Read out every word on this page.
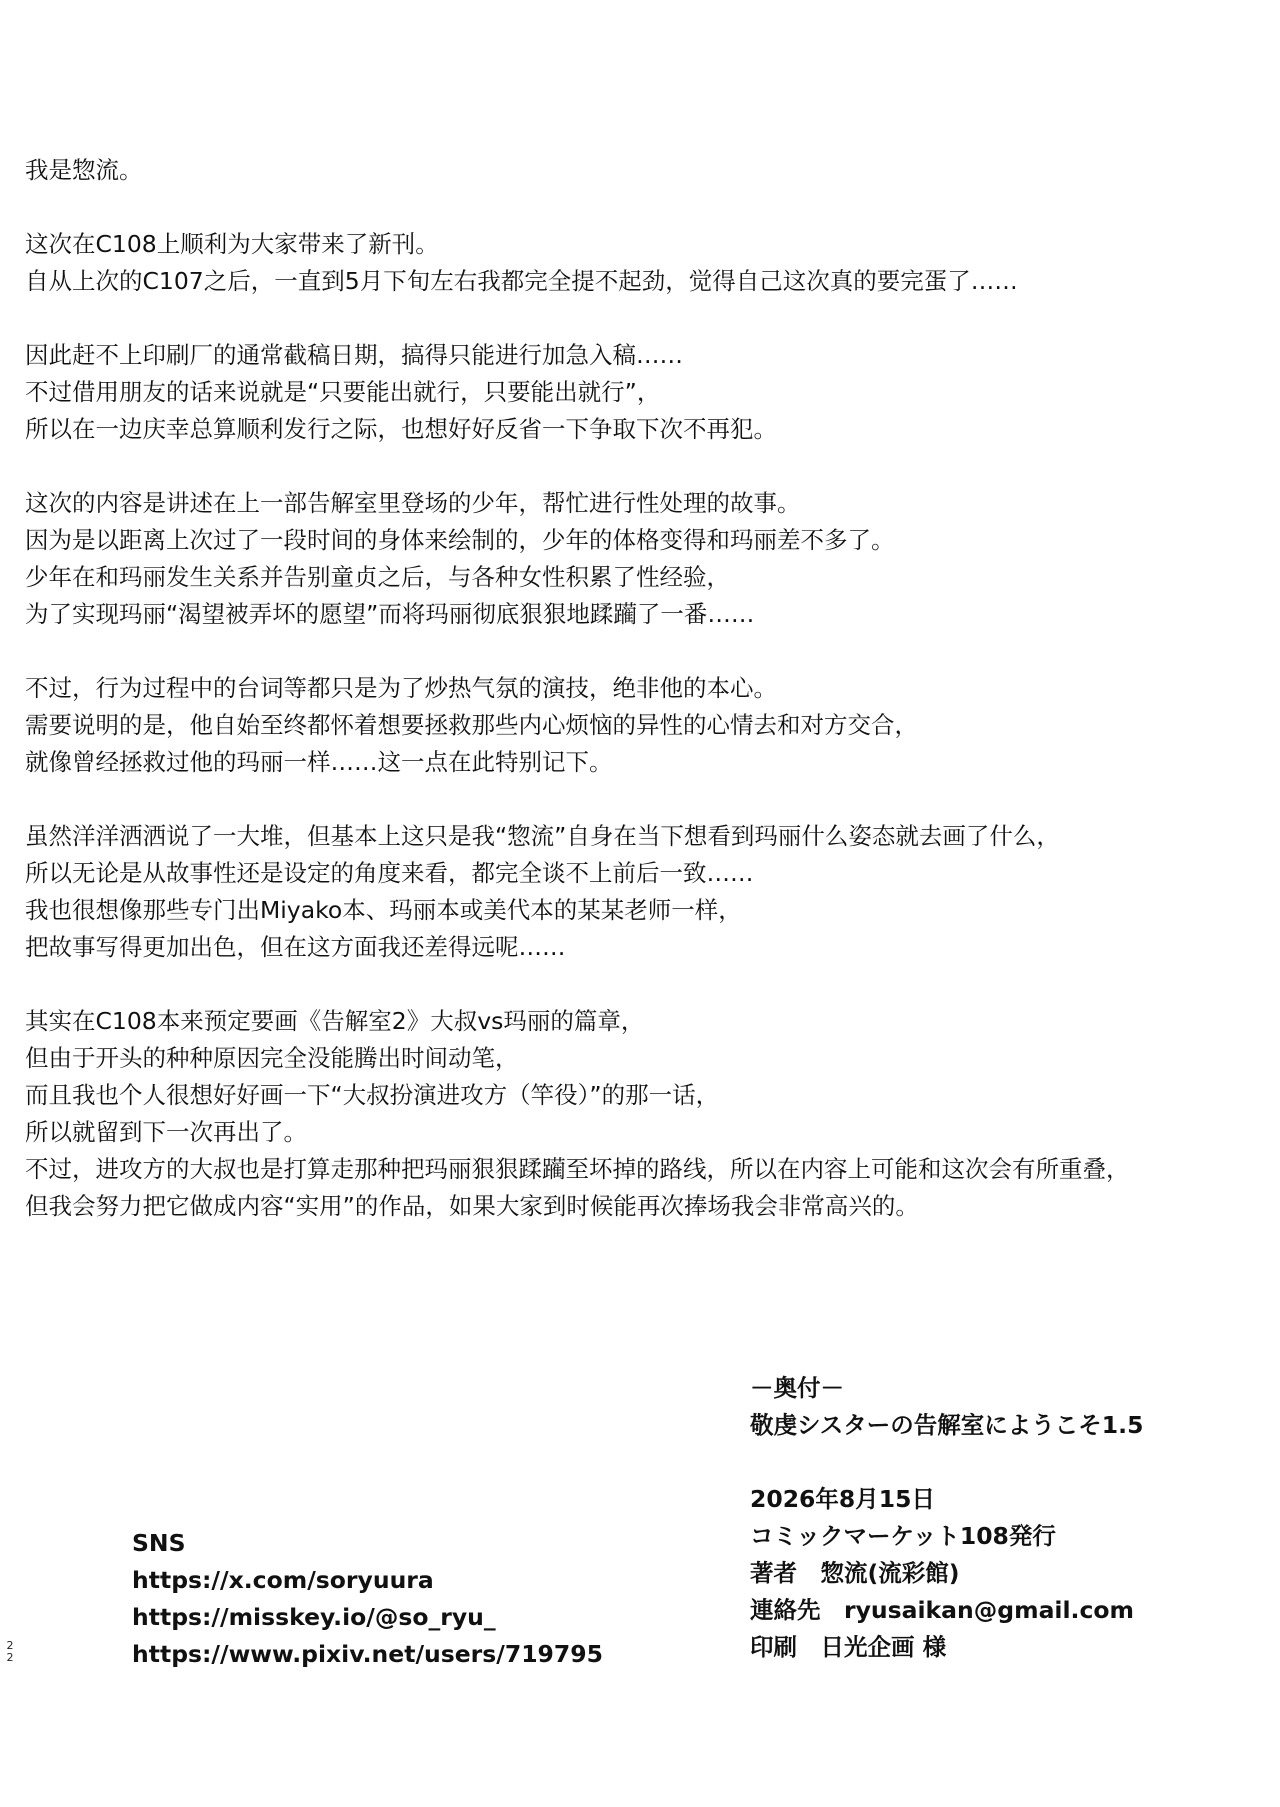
我是惣流。
这次在C108上顺利为大家带来了新刊。
自从上次的C107之后，一直到5月下旬左右我都完全提不起劲，觉得自己这次真的要完蛋了……
因此赶不上印刷厂的通常截稿日期，搞得只能进行加急入稿……
不过借用朋友的话来说就是“只要能出就行，只要能出就行”，
所以在一边庆幸总算顺利发行之际，也想好好反省一下争取下次不再犯。
这次的内容是讲述在上一部告解室里登场的少年，帮忙进行性处理的故事。
因为是以距离上次过了一段时间的身体来绘制的，少年的体格变得和玛丽差不多了。
少年在和玛丽发生关系并告别童贞之后，与各种女性积累了性经验，
为了实现玛丽“渴望被弄坏的愿望”而将玛丽彻底狠狠地蹂躏了一番……
不过，行为过程中的台词等都只是为了炒热气氛的演技，绝非他的本心。
需要说明的是，他自始至终都怀着想要拯救那些内心烦恼的异性的心情去和对方交合，
就像曾经拯救过他的玛丽一样……这一点在此特别记下。
虽然洋洋洒洒说了一大堆，但基本上这只是我“惣流”自身在当下想看到玛丽什么姿态就去画了什么，
所以无论是从故事性还是设定的角度来看，都完全谈不上前后一致……
我也很想像那些专门出Miyako本、玛丽本或美代本的某某老师一样，
把故事写得更加出色，但在这方面我还差得远呢……
其实在C108本来预定要画《告解室2》大叔vs玛丽的篇章，
但由于开头的种种原因完全没能腾出时间动笔，
而且我也个人很想好好画一下“大叔扮演进攻方（竿役）”的那一话，
所以就留到下一次再出了。
不过，进攻方的大叔也是打算走那种把玛丽狠狠蹂躏至坏掉的路线，所以在内容上可能和这次会有所重叠，
但我会努力把它做成内容“实用”的作品，如果大家到时候能再次捧场我会非常高兴的。
－奥付－
敬虔シスターの告解室にようこそ1.5
2026年8月15日
コミックマーケット108発行
著者　惣流(流彩館)
連絡先　ryusaikan@gmail.com
印刷　日光企画 様
SNS
https://x.com/soryuura
https://misskey.io/@so_ryu_
https://www.pixiv.net/users/719795
2
2
